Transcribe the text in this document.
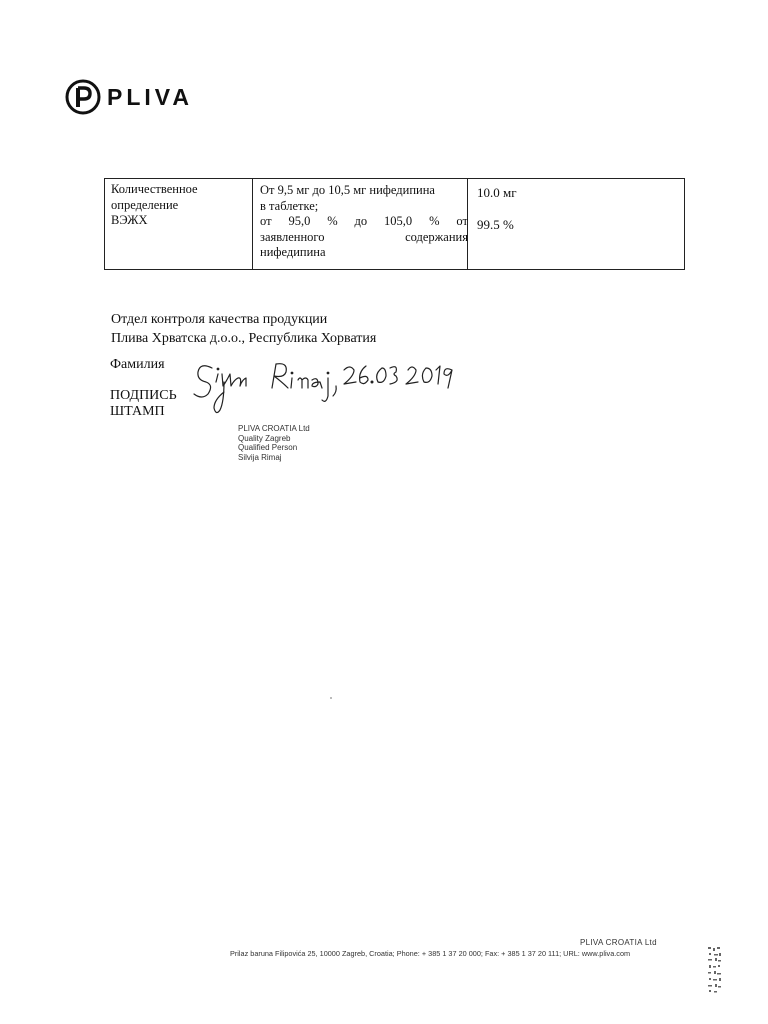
PLIVA
Количественное
определение
ВЭЖХ
От 9,5 мг до 10,5 мг нифедипина
в таблетке;
от 95,0 % до 105,0 % от
заявленного	содержания
нифедипина
10.0 мг
99.5 %
Отдел контроля качества продукции
Плива Хрватска д.о.о., Республика Хорватия
Фамилия
ПОДПИСЬ
ШТАМП
PLIVA CROATIA Ltd
Quality Zagreb
Qualified Person
Silvija Rimaj
PLIVA CROATIA Ltd
Prilaz baruna Filipovića 25, 10000 Zagreb, Croatia; Phone: + 385 1 37 20 000; Fax: + 385 1 37 20 111; URL: www.pliva.com
